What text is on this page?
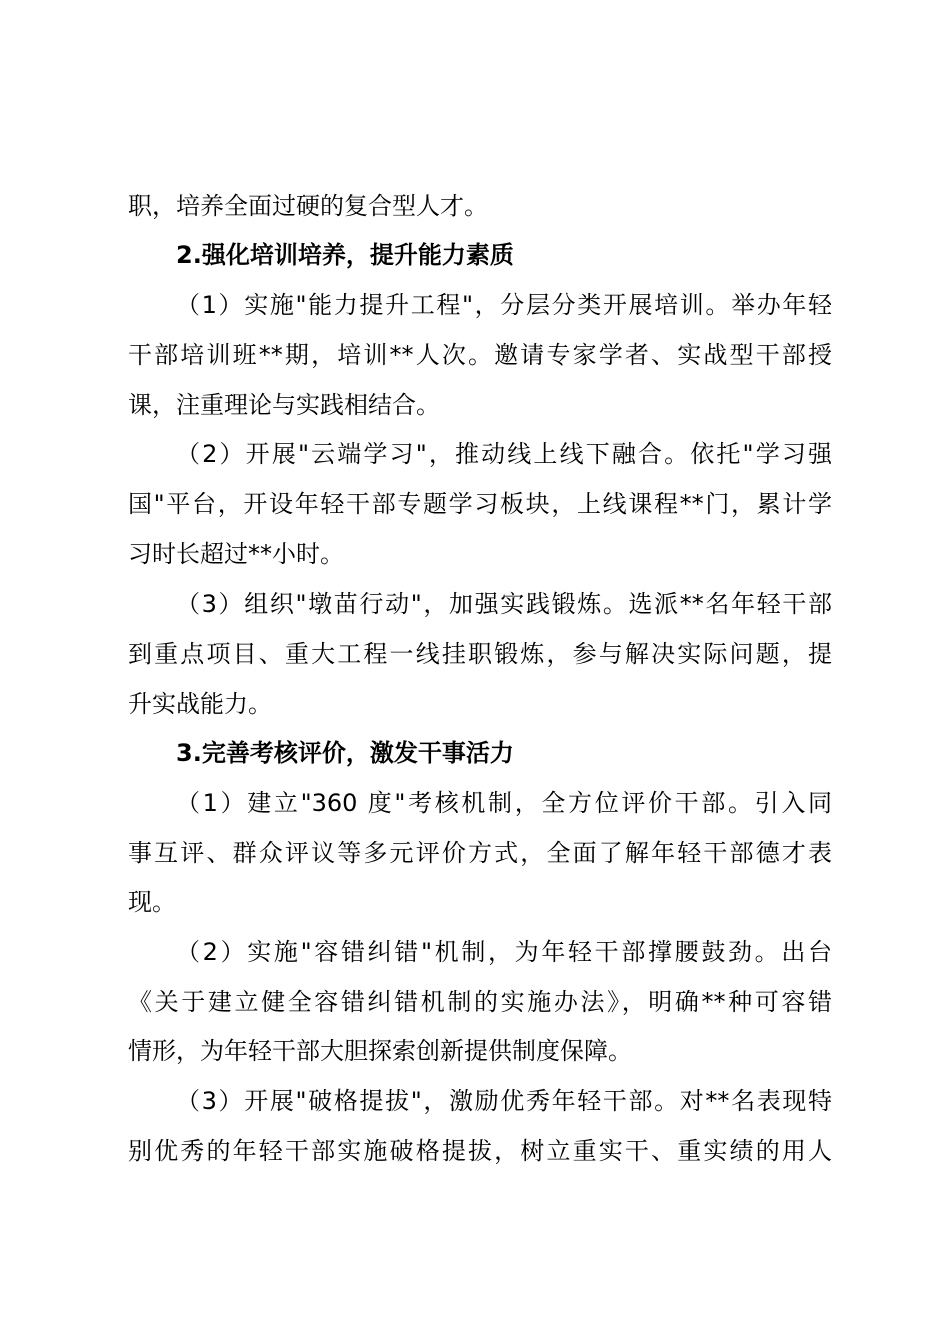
职，培养全面过硬的复合型人才。
2.强化培训培养，提升能力素质
（1）实施"能力提升工程"，分层分类开展培训。举办年轻
干部培训班**期，培训**人次。邀请专家学者、实战型干部授
课，注重理论与实践相结合。
（2）开展"云端学习"，推动线上线下融合。依托"学习强
国"平台，开设年轻干部专题学习板块，上线课程**门，累计学
习时长超过**小时。
（3）组织"墩苗行动"，加强实践锻炼。选派**名年轻干部
到重点项目、重大工程一线挂职锻炼，参与解决实际问题，提
升实战能力。
3.完善考核评价，激发干事活力
（1）建立"360 度"考核机制，全方位评价干部。引入同
事互评、群众评议等多元评价方式，全面了解年轻干部德才表
现。
（2）实施"容错纠错"机制，为年轻干部撑腰鼓劲。出台
《关于建立健全容错纠错机制的实施办法》，明确**种可容错
情形，为年轻干部大胆探索创新提供制度保障。
（3）开展"破格提拔"，激励优秀年轻干部。对**名表现特
别优秀的年轻干部实施破格提拔，树立重实干、重实绩的用人
